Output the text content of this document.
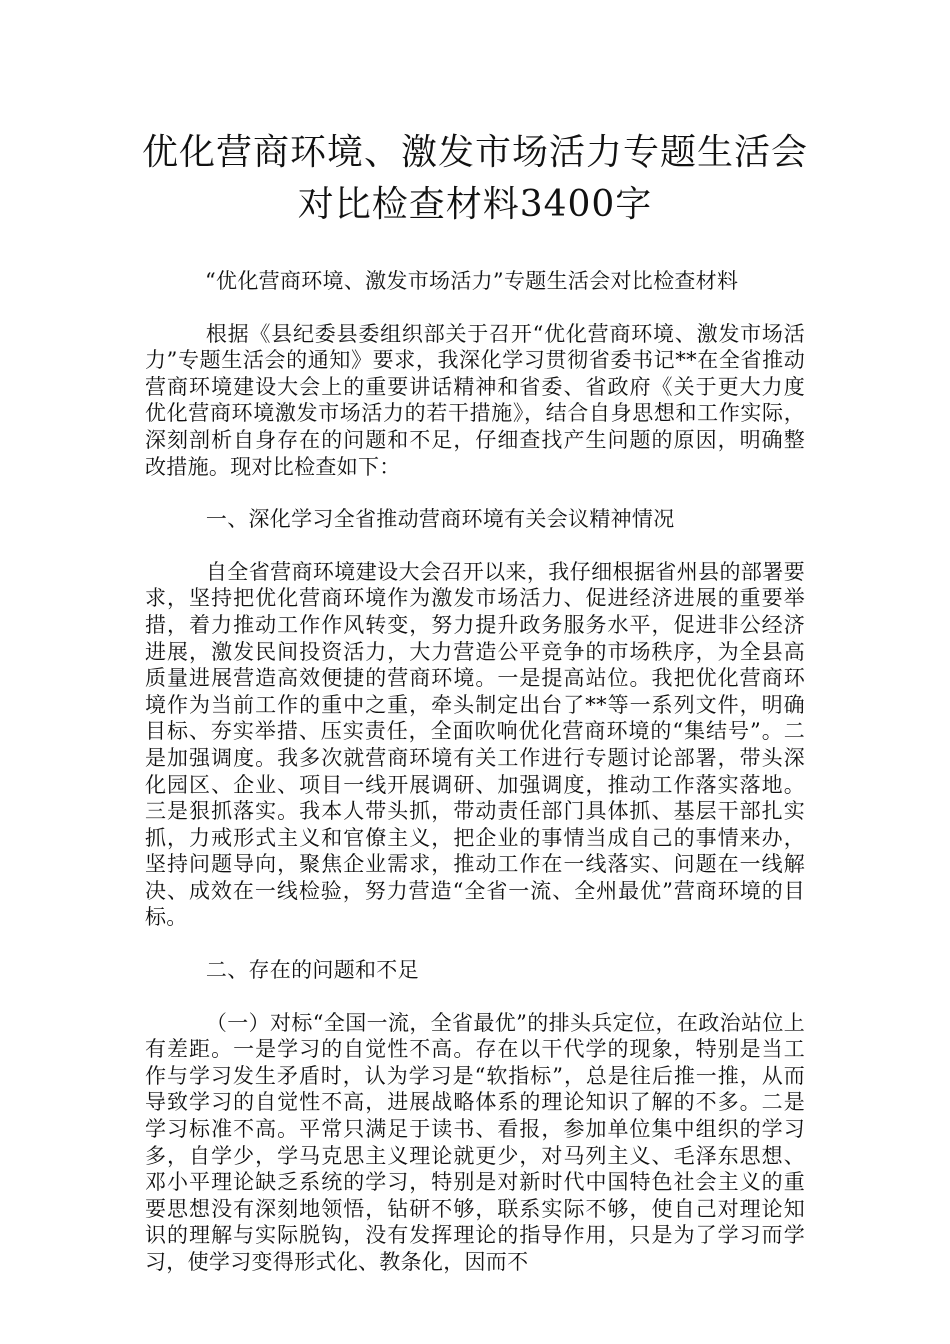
优化营商环境、激发市场活力专题生活会
对比检查材料3400字

“优化营商环境、激发市场活力”专题生活会对比检查材料

根据《县纪委县委组织部关于召开“优化营商环境、激发市场活力”专题生活会的通知》要求，我深化学习贯彻省委书记**在全省推动营商环境建设大会上的重要讲话精神和省委、省政府《关于更大力度优化营商环境激发市场活力的若干措施》，结合自身思想和工作实际，深刻剖析自身存在的问题和不足，仔细查找产生问题的原因，明确整改措施。现对比检查如下：

一、深化学习全省推动营商环境有关会议精神情况

自全省营商环境建设大会召开以来，我仔细根据省州县的部署要求，坚持把优化营商环境作为激发市场活力、促进经济进展的重要举措，着力推动工作作风转变，努力提升政务服务水平，促进非公经济进展，激发民间投资活力，大力营造公平竞争的市场秩序，为全县高质量进展营造高效便捷的营商环境。一是提高站位。我把优化营商环境作为当前工作的重中之重，牵头制定出台了**等一系列文件，明确目标、夯实举措、压实责任，全面吹响优化营商环境的“集结号”。二是加强调度。我多次就营商环境有关工作进行专题讨论部署，带头深化园区、企业、项目一线开展调研、加强调度，推动工作落实落地。三是狠抓落实。我本人带头抓，带动责任部门具体抓、基层干部扎实抓，力戒形式主义和官僚主义，把企业的事情当成自己的事情来办，坚持问题导向，聚焦企业需求，推动工作在一线落实、问题在一线解决、成效在一线检验，努力营造“全省一流、全州最优”营商环境的目标。

二、存在的问题和不足

（一）对标“全国一流，全省最优”的排头兵定位，在政治站位上有差距。一是学习的自觉性不高。存在以干代学的现象，特别是当工作与学习发生矛盾时，认为学习是“软指标”，总是往后推一推，从而导致学习的自觉性不高，进展战略体系的理论知识了解的不多。二是学习标准不高。平常只满足于读书、看报，参加单位集中组织的学习多，自学少，学马克思主义理论就更少，对马列主义、毛泽东思想、邓小平理论缺乏系统的学习，特别是对新时代中国特色社会主义的重要思想没有深刻地领悟，钻研不够，联系实际不够，使自己对理论知识的理解与实际脱钩，没有发挥理论的指导作用，只是为了学习而学习，使学习变得形式化、教条化，因而不
